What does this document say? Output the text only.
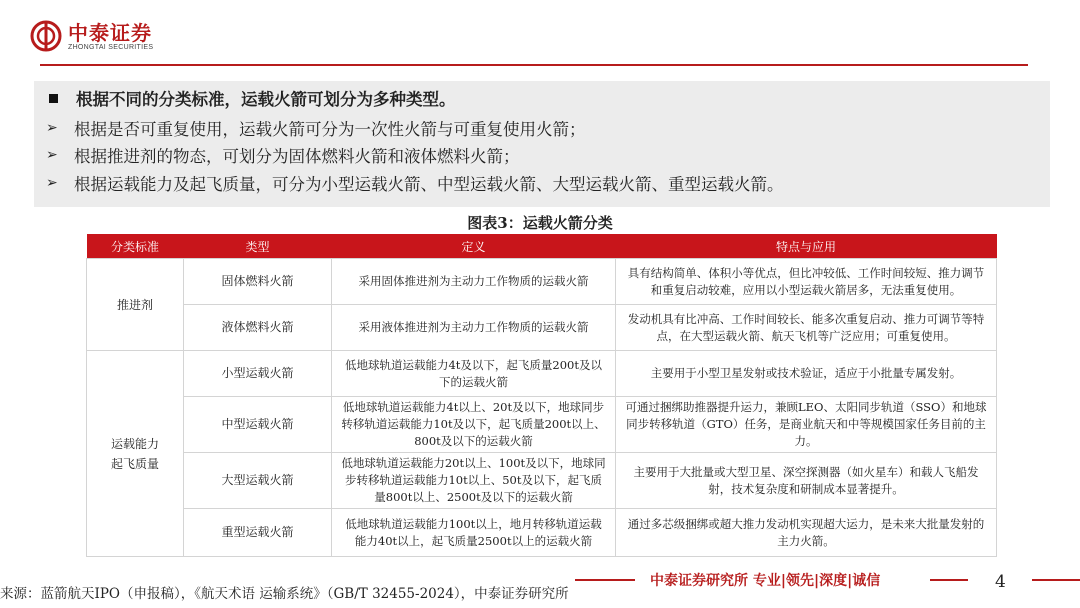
中泰证券
ZHONGTAI SECURITIES
根据不同的分类标准，运载火箭可划分为多种类型。
➢ 根据是否可重复使用，运载火箭可分为一次性火箭与可重复使用火箭；
➢ 根据推进剂的物态，可划分为固体燃料火箭和液体燃料火箭；
➢ 根据运载能力及起飞质量，可分为小型运载火箭、中型运载火箭、大型运载火箭、重型运载火箭。
图表3：运载火箭分类
分类标准	类型	定义	特点与应用
推进剂	固体燃料火箭	采用固体推进剂为主动力工作物质的运载火箭	具有结构简单、体积小等优点，但比冲较低、工作时间较短、推力调节和重复启动较难，应用以小型运载火箭居多，无法重复使用。
	液体燃料火箭	采用液体推进剂为主动力工作物质的运载火箭	发动机具有比冲高、工作时间较长、能多次重复启动、推力可调节等特点，在大型运载火箭、航天飞机等广泛应用；可重复使用。
运载能力
起飞质量	小型运载火箭	低地球轨道运载能力4t及以下，起飞质量200t及以下的运载火箭	主要用于小型卫星发射或技术验证，适应于小批量专属发射。
	中型运载火箭	低地球轨道运载能力4t以上、20t及以下，地球同步转移轨道运载能力10t及以下，起飞质量200t以上、800t及以下的运载火箭	可通过捆绑助推器提升运力，兼顾LEO、太阳同步轨道（SSO）和地球同步转移轨道（GTO）任务，是商业航天和中等规模国家任务目前的主力。
	大型运载火箭	低地球轨道运载能力20t以上、100t及以下，地球同步转移轨道运载能力10t以上、50t及以下，起飞质量800t以上、2500t及以下的运载火箭	主要用于大批量或大型卫星、深空探测器（如火星车）和载人飞船发射，技术复杂度和研制成本显著提升。
	重型运载火箭	低地球轨道运载能力100t以上，地月转移轨道运载能力40t以上，起飞质量2500t以上的运载火箭	通过多芯级捆绑或超大推力发动机实现超大运力，是未来大批量发射的主力火箭。
来源：蓝箭航天IPO（申报稿），《航天术语 运输系统》（GB/T 32455-2024），中泰证券研究所
中泰证券研究所 专业|领先|深度|诚信	4
